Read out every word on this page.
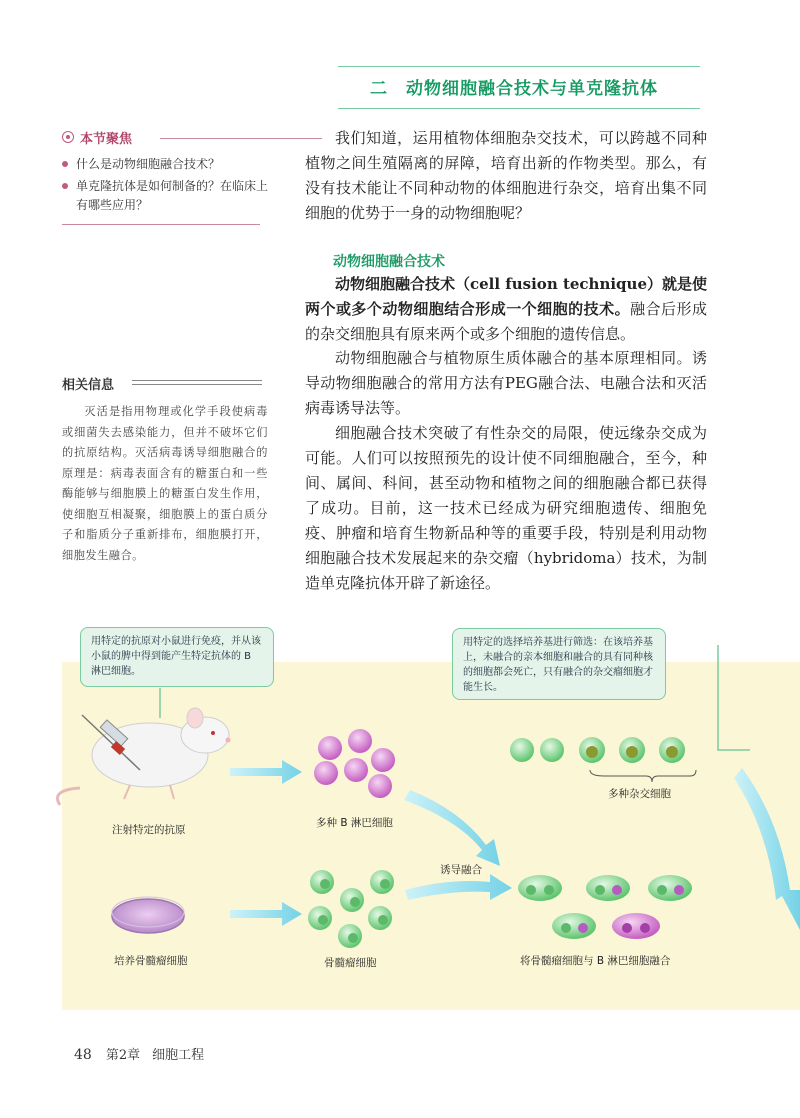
二 动物细胞融合技术与单克隆抗体
本节聚焦
什么是动物细胞融合技术？
单克隆抗体是如何制备的？在临床上有哪些应用？
相关信息
灭活是指用物理或化学手段使病毒或细菌失去感染能力，但并不破坏它们的抗原结构。灭活病毒诱导细胞融合的原理是：病毒表面含有的糖蛋白和一些酶能够与细胞膜上的糖蛋白发生作用，使细胞互相凝聚，细胞膜上的蛋白质分子和脂质分子重新排布，细胞膜打开，细胞发生融合。

我们知道，运用植物体细胞杂交技术，可以跨越不同种植物之间生殖隔离的屏障，培育出新的作物类型。那么，有没有技术能让不同种动物的体细胞进行杂交，培育出集不同细胞的优势于一身的动物细胞呢？

动物细胞融合技术

动物细胞融合技术（cell fusion technique）就是使两个或多个动物细胞结合形成一个细胞的技术。融合后形成的杂交细胞具有原来两个或多个细胞的遗传信息。

动物细胞融合与植物原生质体融合的基本原理相同。诱导动物细胞融合的常用方法有PEG融合法、电融合法和灭活病毒诱导法等。

细胞融合技术突破了有性杂交的局限，使远缘杂交成为可能。人们可以按照预先的设计使不同细胞融合，至今，种间、属间、科间，甚至动物和植物之间的细胞融合都已获得了成功。目前，这一技术已经成为研究细胞遗传、细胞免疫、肿瘤和培育生物新品种等的重要手段，特别是利用动物细胞融合技术发展起来的杂交瘤（hybridoma）技术，为制造单克隆抗体开辟了新途径。

用特定的抗原对小鼠进行免疫，并从该小鼠的脾中得到能产生特定抗体的 B 淋巴细胞。
用特定的选择培养基进行筛选：在该培养基上，未融合的亲本细胞和融合的具有同种核的细胞都会死亡，只有融合的杂交瘤细胞才能生长。
注射特定的抗原
多种 B 淋巴细胞
多种杂交细胞
诱导融合
培养骨髓瘤细胞	骨髓瘤细胞	将骨髓瘤细胞与 B 淋巴细胞融合
48 第2章 细胞工程
